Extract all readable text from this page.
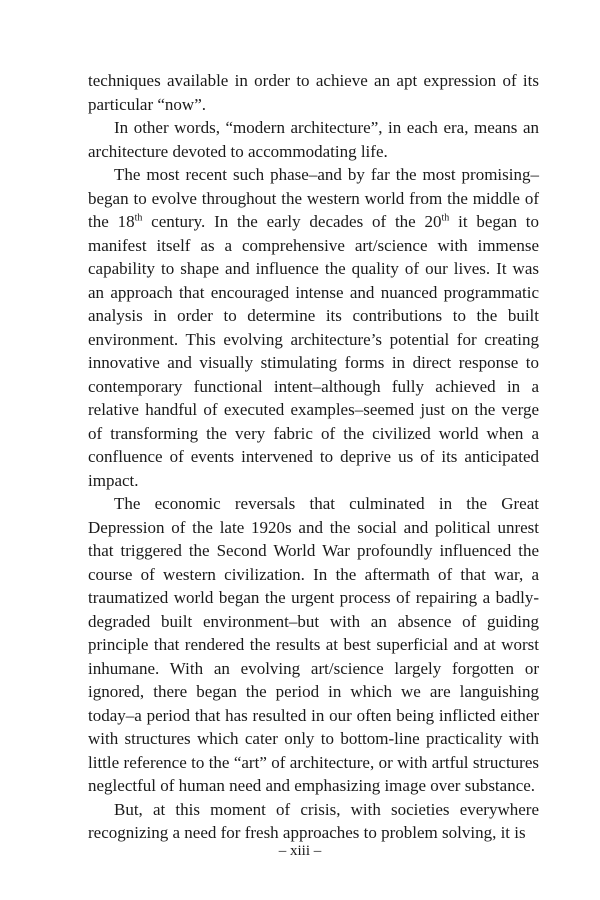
techniques available in order to achieve an apt expression of its particular “now”.

In other words, “modern architecture”, in each era, means an architecture devoted to accommodating life.

The most recent such phase–and by far the most promising–began to evolve throughout the western world from the middle of the 18th century. In the early decades of the 20th it began to manifest itself as a comprehensive art/science with immense capability to shape and influence the quality of our lives. It was an approach that encouraged intense and nuanced programmatic analysis in order to determine its contributions to the built environment. This evolving architecture’s potential for creating innovative and visually stimulating forms in direct response to contemporary functional intent–although fully achieved in a relative handful of executed examples–seemed just on the verge of transforming the very fabric of the civilized world when a confluence of events intervened to deprive us of its anticipated impact.

The economic reversals that culminated in the Great Depression of the late 1920s and the social and political unrest that triggered the Second World War profoundly influenced the course of western civilization. In the aftermath of that war, a traumatized world began the urgent process of repairing a badly-degraded built environment–but with an absence of guiding principle that rendered the results at best superficial and at worst inhumane. With an evolving art/science largely forgotten or ignored, there began the period in which we are languishing today–a period that has resulted in our often being inflicted either with structures which cater only to bottom-line practicality with little reference to the “art” of architecture, or with artful structures neglectful of human need and emphasizing image over substance.

But, at this moment of crisis, with societies everywhere recognizing a need for fresh approaches to problem solving, it is

– xiii –
